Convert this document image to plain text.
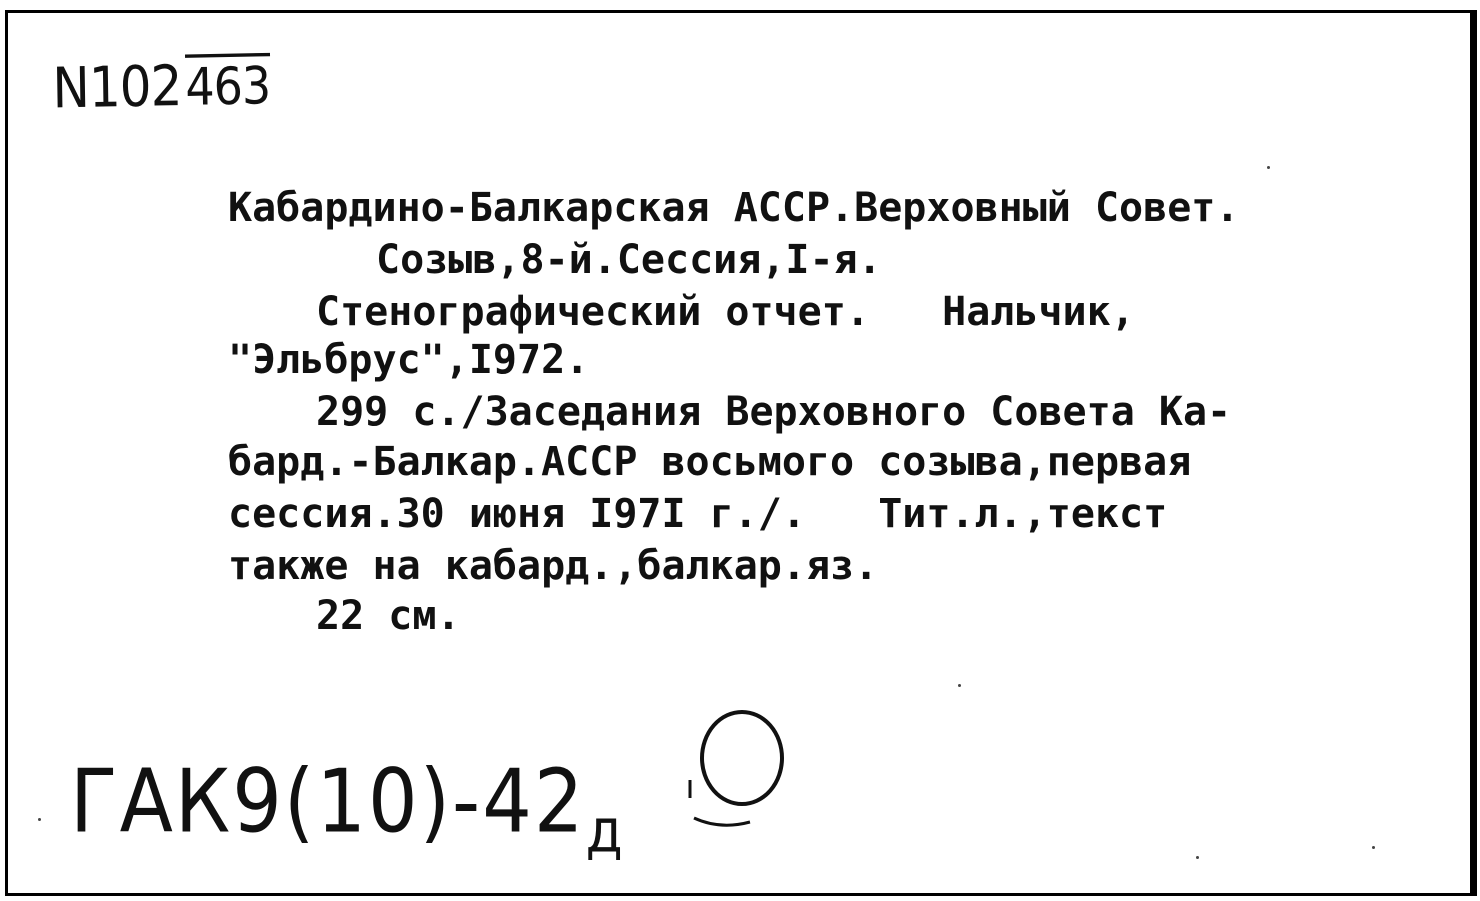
N102463
Кабардино-Балкарская АССР.Верховный Совет.
Созыв,8-й.Сессия,I-я.
Стенографический отчет.   Нальчик,
"Эльбрус",I972.
299 с./Заседания Верховного Совета Ка-
бард.-Балкар.АССР восьмого созыва,первая
сессия.30 июня I97I г./.   Тит.л.,текст
также на кабард.,балкар.яз.
22 см.
$ГАК9(10)-42_д$
